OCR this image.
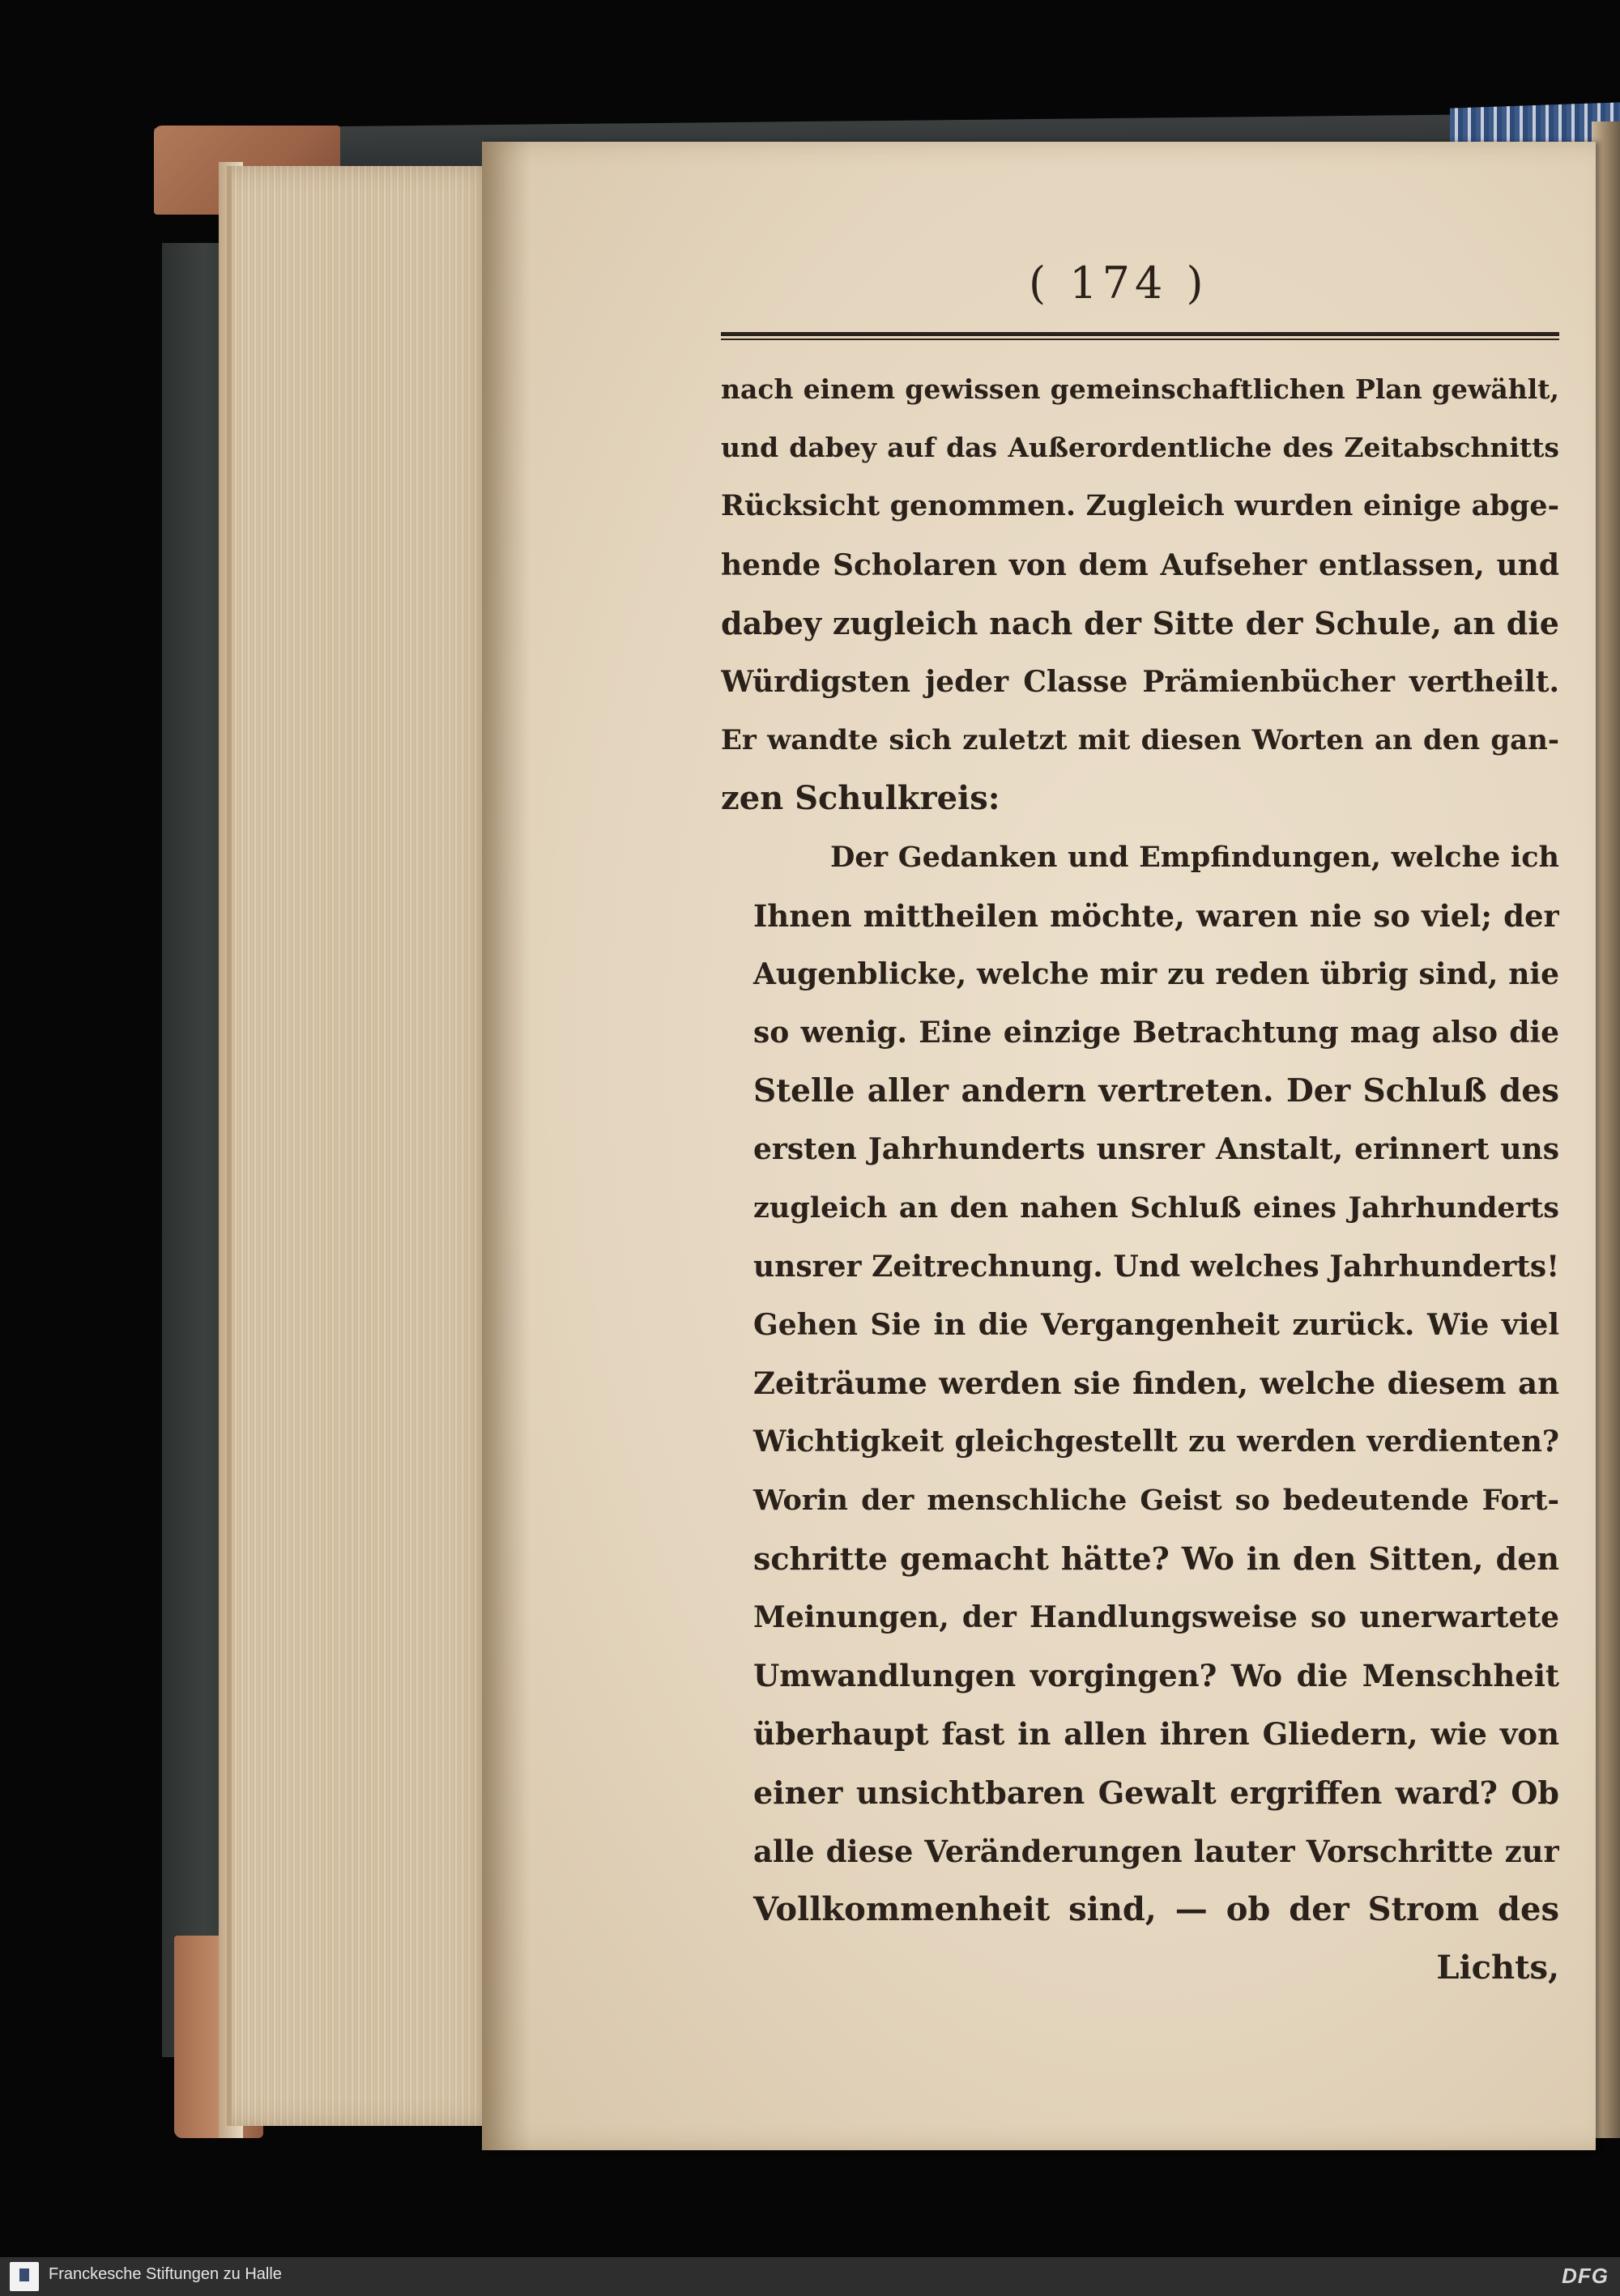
( 174 )
nach einem gewissen gemeinschaftlichen Plan gewählt,
und dabey auf das Außerordentliche des Zeitabschnitts
Rücksicht genommen. Zugleich wurden einige abge-
hende Scholaren von dem Aufseher entlassen, und
dabey zugleich nach der Sitte der Schule, an die
Würdigsten jeder Classe Prämienbücher vertheilt.
Er wandte sich zuletzt mit diesen Worten an den gan-
zen Schulkreis:
Der Gedanken und Empfindungen, welche ich
Ihnen mittheilen möchte, waren nie so viel; der
Augenblicke, welche mir zu reden übrig sind, nie
so wenig. Eine einzige Betrachtung mag also die
Stelle aller andern vertreten. Der Schluß des
ersten Jahrhunderts unsrer Anstalt, erinnert uns
zugleich an den nahen Schluß eines Jahrhunderts
unsrer Zeitrechnung. Und welches Jahrhunderts!
Gehen Sie in die Vergangenheit zurück. Wie viel
Zeiträume werden sie finden, welche diesem an
Wichtigkeit gleichgestellt zu werden verdienten?
Worin der menschliche Geist so bedeutende Fort-
schritte gemacht hätte? Wo in den Sitten, den
Meinungen, der Handlungsweise so unerwartete
Umwandlungen vorgingen? Wo die Menschheit
überhaupt fast in allen ihren Gliedern, wie von
einer unsichtbaren Gewalt ergriffen ward? Ob
alle diese Veränderungen lauter Vorschritte zur
Vollkommenheit sind, — ob der Strom des
Lichts,
Franckesche Stiftungen zu Halle	DFG
